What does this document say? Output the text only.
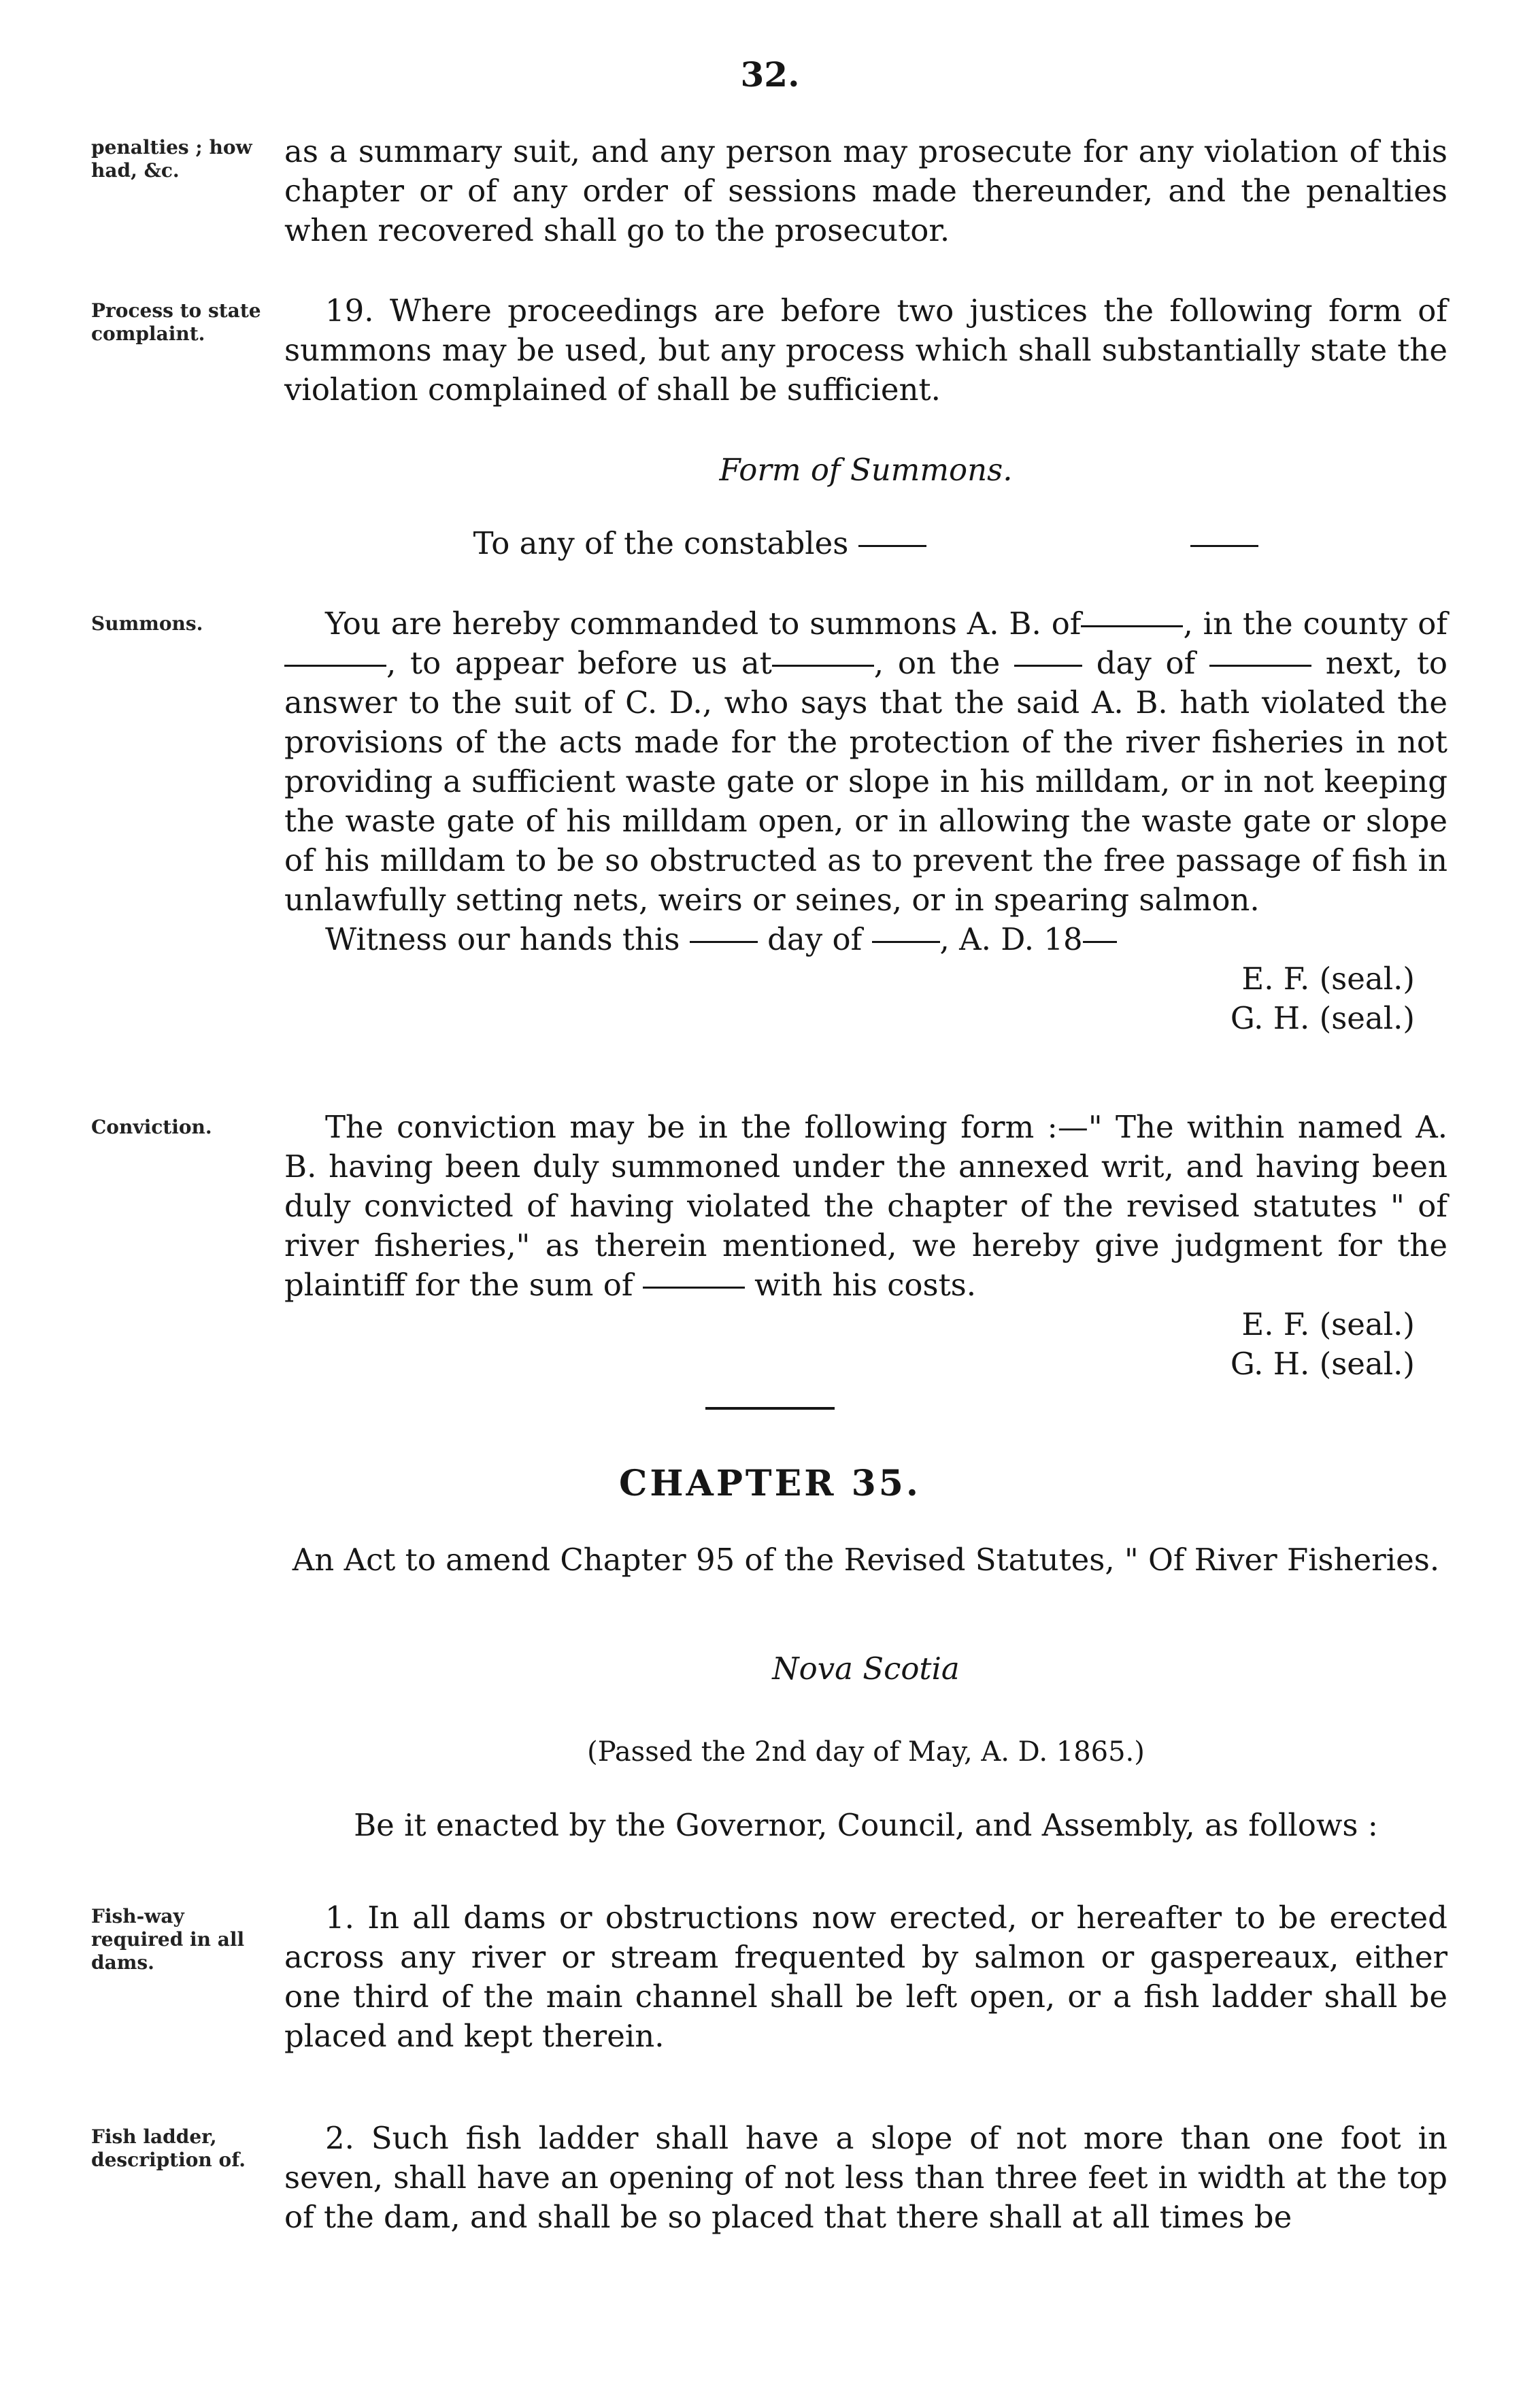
32.
penalties ; how had, &c.

as a summary suit, and any person may prosecute for any violation of this chapter or of any order of sessions made thereunder, and the penalties when recovered shall go to the prosecutor.

Process to state complaint.

19. Where proceedings are before two justices the following form of summons may be used, but any process which shall substantially state the violation complained of shall be sufficient.

Form of Summons.
To any of the constables
Summons.	You are hereby commanded to summons A. B. of	, in the county of, to appear before us at	, on the	day of	next, to answer to the suit of C. D., who says that the said A. B. hath violated the provisions of the acts made for the protection of the river fisheries in not providing a sufficient waste gate or slope in his milldam, or in not keeping the waste gate of his milldam open, or in allowing the waste gate or slope of his milldam to be so obstructed as to prevent the free passage of fish in unlawfully setting nets, weirs or seines, or in spearing salmon.

Witness our hands this	day of	, A. D. 18

E. F. (seal.)

G. H. (seal.)

Conviction.	The conviction may be in the following form :—" The within named A. B. having been duly summoned under the annexed writ, and having been duly convicted of having violated the chapter of the revised statutes " of river fisheries," as therein mentioned, we hereby give judgment for the plaintiff for the sum of	with his costs.

E. F. (seal.)

G. H. (seal.)

CHAPTER 35.
An Act to amend Chapter 95 of the Revised Statutes, " Of River Fisheries.
Nova Scotia
(Passed the 2nd day of May, A. D. 1865.)
Be it enacted by the Governor, Council, and Assembly, as follows :
Fish-way required in all dams.

1. In all dams or obstructions now erected, or hereafter to be erected across any river or stream frequented by salmon or gaspereaux, either one third of the main channel shall be left open, or a fish ladder shall be placed and kept therein.

Fish ladder, description of.

2. Such fish ladder shall have a slope of not more than one foot in seven, shall have an opening of not less than three feet in width at the top of the dam, and shall be so placed that there shall at all times be
